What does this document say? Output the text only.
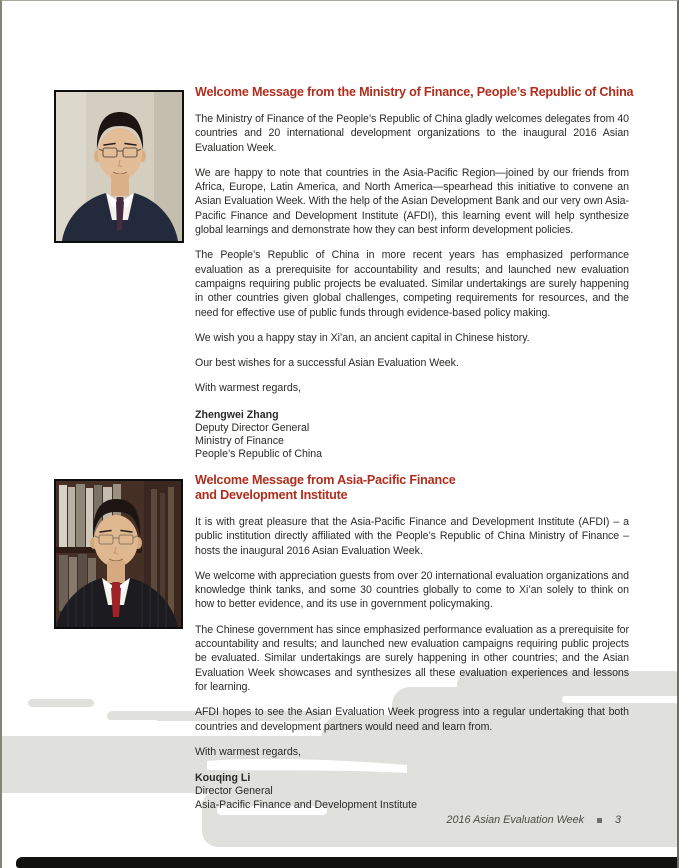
Welcome Message from the Ministry of Finance, People’s Republic of China

The Ministry of Finance of the People’s Republic of China gladly welcomes delegates from 40 countries and 20 international development organizations to the inaugural 2016 Asian Evaluation Week.

We are happy to note that countries in the Asia-Pacific Region—joined by our friends from Africa, Europe, Latin America, and North America—spearhead this initiative to convene an Asian Evaluation Week. With the help of the Asian Development Bank and our very own Asia-Pacific Finance and Development Institute (AFDI), this learning event will help synthesize global learnings and demonstrate how they can best inform development policies.

The People’s Republic of China in more recent years has emphasized performance evaluation as a prerequisite for accountability and results; and launched new evaluation campaigns requiring public projects be evaluated. Similar undertakings are surely happening in other countries given global challenges, competing requirements for resources, and the need for effective use of public funds through evidence-based policy making.

We wish you a happy stay in Xi’an, an ancient capital in Chinese history.

Our best wishes for a successful Asian Evaluation Week.

With warmest regards,

Zhengwei Zhang
Deputy Director General
Ministry of Finance
People’s Republic of China
Welcome Message from Asia-Pacific Finance
and Development Institute

It is with great pleasure that the Asia-Pacific Finance and Development Institute (AFDI) – a public institution directly affiliated with the People’s Republic of China Ministry of Finance – hosts the inaugural 2016 Asian Evaluation Week.

We welcome with appreciation guests from over 20 international evaluation organizations and knowledge think tanks, and some 30 countries globally to come to Xi’an solely to think on how to better evidence, and its use in government policymaking.

The Chinese government has since emphasized performance evaluation as a prerequisite for accountability and results; and launched new evaluation campaigns requiring public projects be evaluated. Similar undertakings are surely happening in other countries; and the Asian Evaluation Week showcases and synthesizes all these evaluation experiences and lessons for learning.

AFDI hopes to see the Asian Evaluation Week progress into a regular undertaking that both countries and development partners would need and learn from.

With warmest regards,

Kouqing Li
Director General
Asia-Pacific Finance and Development Institute
2016 Asian Evaluation Week	3
